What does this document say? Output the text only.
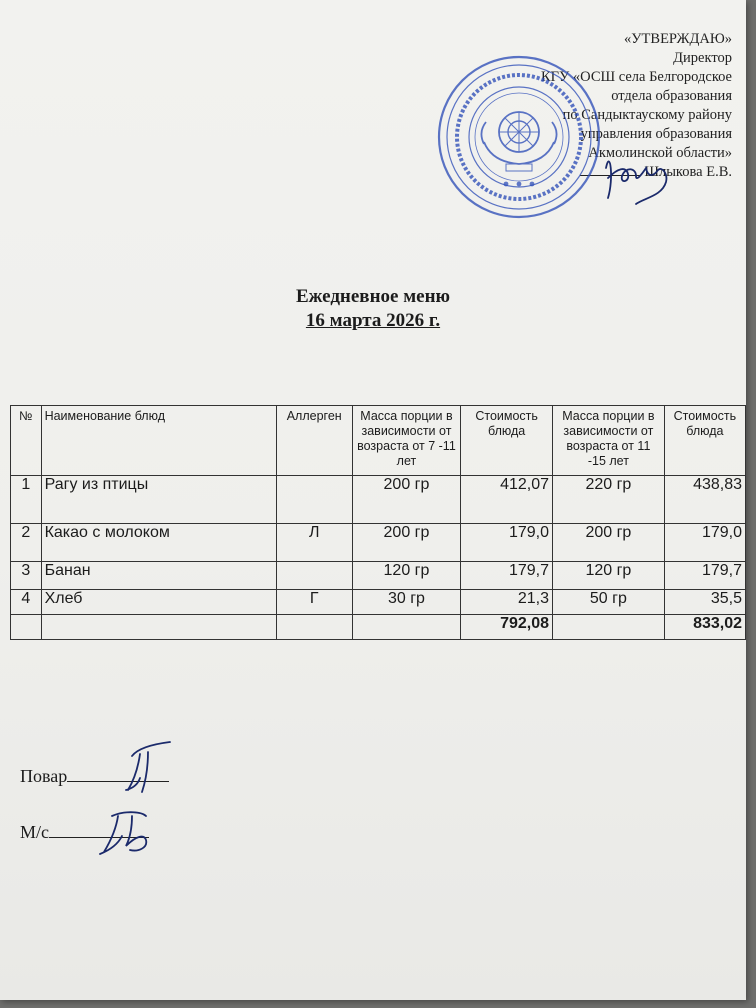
«УТВЕРЖДАЮ»
Директор
КГУ «ОСШ села Белгородское
отдела образования
по Сандыктаускому району
управления образования
Акмолинской области»
Шлыкова Е.В.
Ежедневное меню
16 марта 2026 г.
№	Наименование блюд	Аллерген	Масса порции в зависимости от возраста от 7 -11 лет	Стоимость блюда	Масса порции в зависимости от возраста от 11 -15 лет	Стоимость блюда
1	Рагу из птицы		200 гр	412,07	220 гр	438,83
2	Какао с молоком	Л	200 гр	179,0	200 гр	179,0
3	Банан		120 гр	179,7	120 гр	179,7
4	Хлеб	Г	30 гр	21,3	50 гр	35,5
				792,08		833,02
Повар
М/с
